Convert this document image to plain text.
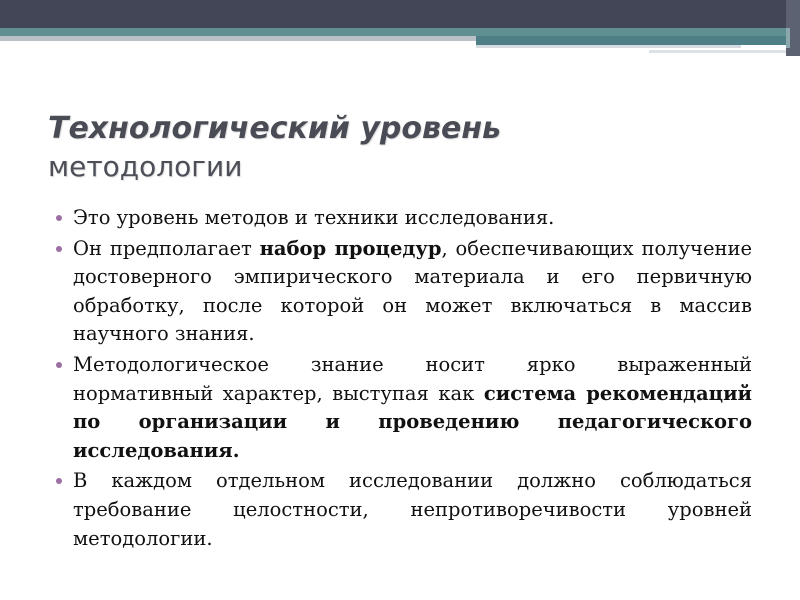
Технологический уровень
методологии
Это уровень методов и техники исследования.
Он предполагает набор процедур, обеспечивающих получение достоверного эмпирического материала и его первичную обработку, после которой он может включаться в массив научного знания.
Методологическое знание носит ярко выраженный нормативный характер, выступая как система рекомендаций по организации и проведению педагогического исследования.
В каждом отдельном исследовании должно соблюдаться требование целостности, непротиворечивости уровней методологии.
